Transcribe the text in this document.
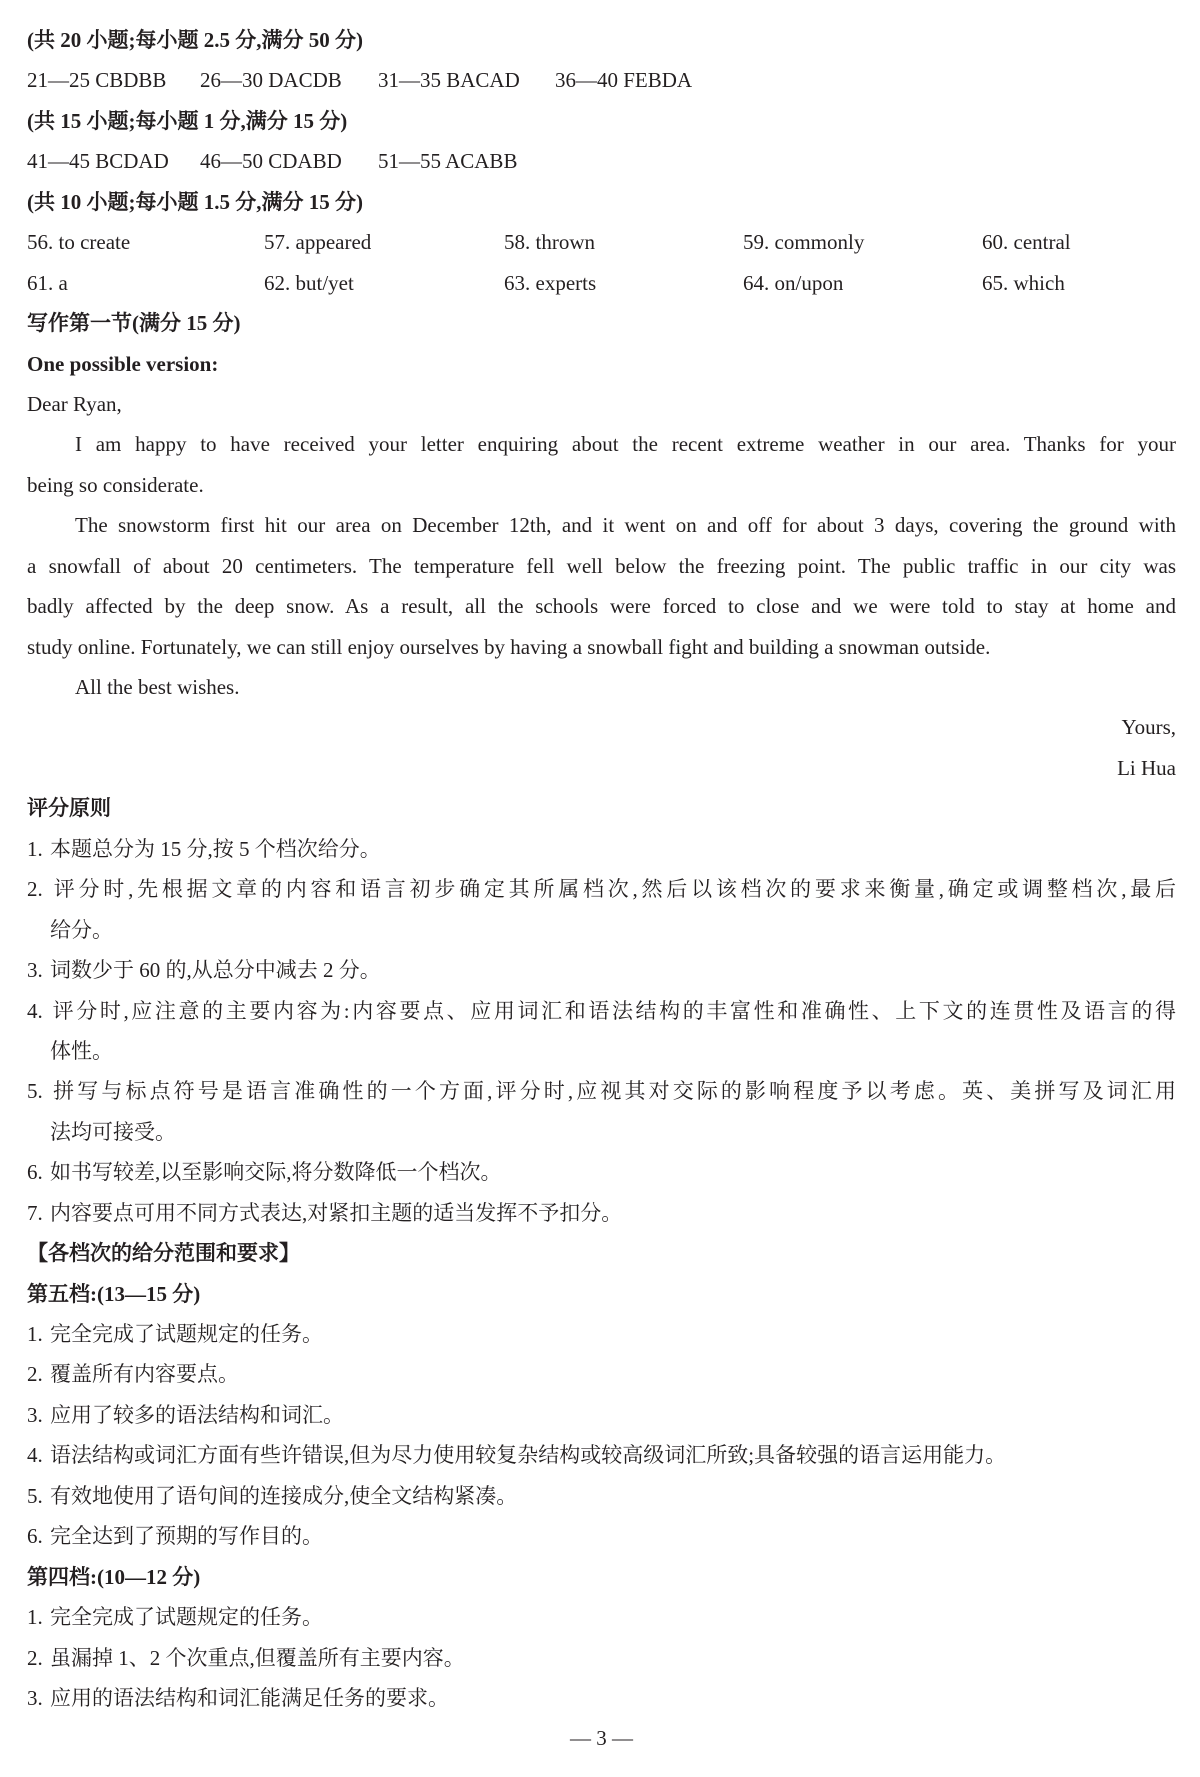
(共 20 小题;每小题 2.5 分,满分 50 分)
21—25 CBDBB 26—30 DACDB 31—35 BACAD 36—40 FEBDA
(共 15 小题;每小题 1 分,满分 15 分)
41—45 BCDAD 46—50 CDABD 51—55 ACABB
(共 10 小题;每小题 1.5 分,满分 15 分)
56. to create	57. appeared	58. thrown	59. commonly	60. central
61. a	62. but/yet	63. experts	64. on/upon	65. which
写作第一节(满分 15 分)
One possible version:
Dear Ryan,
I am happy to have received your letter enquiring about the recent extreme weather in our area. Thanks for your
being so considerate.
The snowstorm first hit our area on December 12th, and it went on and off for about 3 days, covering the ground with
a snowfall of about 20 centimeters. The temperature fell well below the freezing point. The public traffic in our city was
badly affected by the deep snow. As a result, all the schools were forced to close and we were told to stay at home and
study online. Fortunately, we can still enjoy ourselves by having a snowball fight and building a snowman outside.
All the best wishes.
Yours,
Li Hua
评分原则
1. 本题总分为 15 分,按 5 个档次给分。
2. 评分时,先根据文章的内容和语言初步确定其所属档次,然后以该档次的要求来衡量,确定或调整档次,最后
给分。
3. 词数少于 60 的,从总分中减去 2 分。
4. 评分时,应注意的主要内容为:内容要点、应用词汇和语法结构的丰富性和准确性、上下文的连贯性及语言的得
体性。
5. 拼写与标点符号是语言准确性的一个方面,评分时,应视其对交际的影响程度予以考虑。英、美拼写及词汇用
法均可接受。
6. 如书写较差,以至影响交际,将分数降低一个档次。
7. 内容要点可用不同方式表达,对紧扣主题的适当发挥不予扣分。
【各档次的给分范围和要求】
第五档:(13—15 分)
1. 完全完成了试题规定的任务。
2. 覆盖所有内容要点。
3. 应用了较多的语法结构和词汇。
4. 语法结构或词汇方面有些许错误,但为尽力使用较复杂结构或较高级词汇所致;具备较强的语言运用能力。
5. 有效地使用了语句间的连接成分,使全文结构紧凑。
6. 完全达到了预期的写作目的。
第四档:(10—12 分)
1. 完全完成了试题规定的任务。
2. 虽漏掉 1、2 个次重点,但覆盖所有主要内容。
3. 应用的语法结构和词汇能满足任务的要求。
— 3 —
